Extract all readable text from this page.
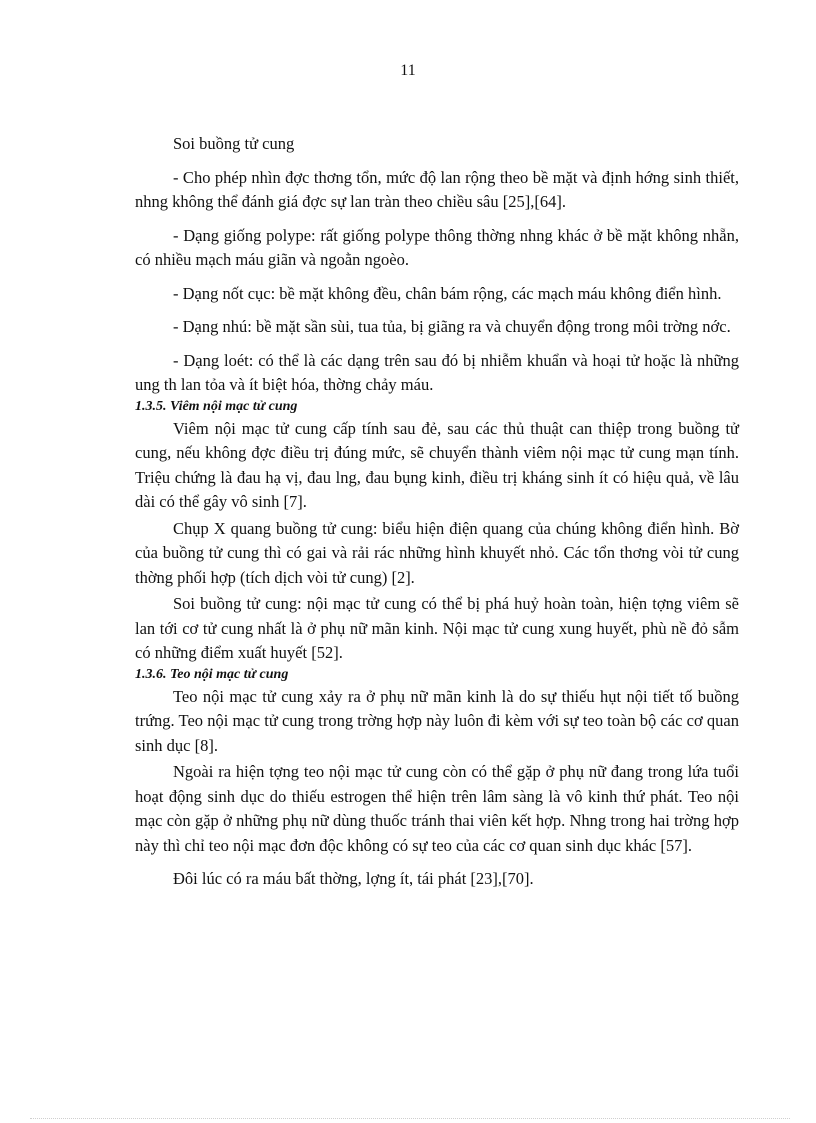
11

Soi buồng tử cung

- Cho phép nhìn đợc thơng tổn, mức độ lan rộng theo bề mặt và định hớng sinh thiết, nhng không thể đánh giá đợc sự lan tràn theo chiều sâu [25],[64].

- Dạng giống polype: rất giống polype thông thờng nhng khác ở bề mặt không nhẵn, có nhiều mạch máu giãn và ngoằn ngoèo.

- Dạng nốt cục: bề mặt không đều, chân bám rộng, các mạch máu không điển hình.

- Dạng nhú: bề mặt sần sùi, tua tủa, bị giãng ra và chuyển động trong môi trờng nớc.

- Dạng loét: có thể là các dạng trên sau đó bị nhiễm khuẩn và hoại tử hoặc là những ung th lan tỏa và ít biệt hóa, thờng chảy máu.

1.3.5. Viêm nội mạc tử cung

Viêm nội mạc tử cung cấp tính sau đẻ, sau các thủ thuật can thiệp trong buồng tử cung, nếu không đợc điều trị đúng mức, sẽ chuyển thành viêm nội mạc tử cung mạn tính. Triệu chứng là đau hạ vị, đau lng, đau bụng kinh, điều trị kháng sinh ít có hiệu quả, về lâu dài có thể gây vô sinh [7].

Chụp X quang buồng tử cung: biểu hiện điện quang của chúng không điển hình. Bờ của buồng tử cung thì có gai và rải rác những hình khuyết nhỏ. Các tổn thơng vòi tử cung thờng phối hợp (tích dịch vòi tử cung) [2].

Soi buồng tử cung: nội mạc tử cung có thể bị phá huỷ hoàn toàn, hiện tợng viêm sẽ lan tới cơ tử cung nhất là ở phụ nữ mãn kinh. Nội mạc tử cung xung huyết, phù nề đỏ sẫm có những điểm xuất huyết [52].

1.3.6. Teo nội mạc tử cung

Teo nội mạc tử cung xảy ra ở phụ nữ mãn kinh là do sự thiếu hụt nội tiết tố buồng trứng. Teo nội mạc tử cung trong trờng hợp này luôn đi kèm với sự teo toàn bộ các cơ quan sinh dục [8].

Ngoài ra hiện tợng teo nội mạc tử cung còn có thể gặp ở phụ nữ đang trong lứa tuổi hoạt động sinh dục do thiếu estrogen thể hiện trên lâm sàng là vô kinh thứ phát. Teo nội mạc còn gặp ở những phụ nữ dùng thuốc tránh thai viên kết hợp. Nhng trong hai trờng hợp này thì chỉ teo nội mạc đơn độc không có sự teo của các cơ quan sinh dục khác [57].

Đôi lúc có ra máu bất thờng, lợng ít, tái phát [23],[70].
